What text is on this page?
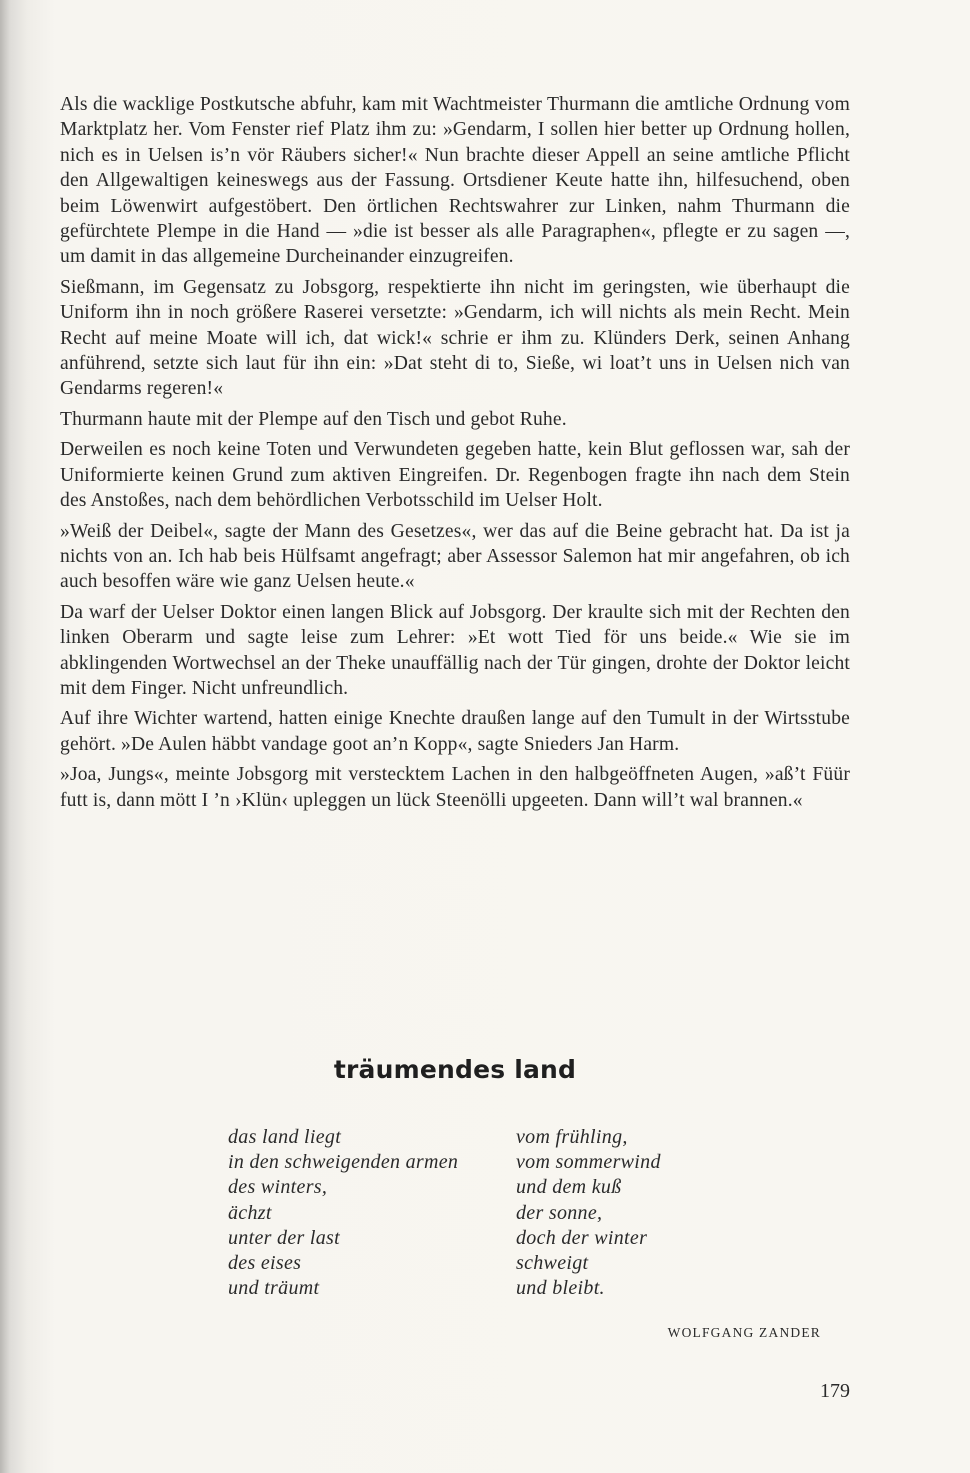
Als die wacklige Postkutsche abfuhr, kam mit Wachtmeister Thurmann die amtliche Ordnung vom Marktplatz her. Vom Fenster rief Platz ihm zu: »Gendarm, I sollen hier better up Ordnung hollen, nich es in Uelsen is’n vör Räubers sicher!« Nun brachte dieser Appell an seine amtliche Pflicht den Allgewaltigen keineswegs aus der Fassung. Ortsdiener Keute hatte ihn, hilfesuchend, oben beim Löwenwirt aufgestöbert. Den örtlichen Rechtswahrer zur Linken, nahm Thurmann die gefürchtete Plempe in die Hand — »die ist besser als alle Paragraphen«, pflegte er zu sagen —, um damit in das allgemeine Durcheinander einzugreifen.

Sießmann, im Gegensatz zu Jobsgorg, respektierte ihn nicht im geringsten, wie überhaupt die Uniform ihn in noch größere Raserei versetzte: »Gendarm, ich will nichts als mein Recht. Mein Recht auf meine Moate will ich, dat wick!« schrie er ihm zu. Klünders Derk, seinen Anhang anführend, setzte sich laut für ihn ein: »Dat steht di to, Sieße, wi loat’t uns in Uelsen nich van Gendarms regeren!«

Thurmann haute mit der Plempe auf den Tisch und gebot Ruhe.

Derweilen es noch keine Toten und Verwundeten gegeben hatte, kein Blut geflossen war, sah der Uniformierte keinen Grund zum aktiven Eingreifen. Dr. Regenbogen fragte ihn nach dem Stein des Anstoßes, nach dem behördlichen Verbotsschild im Uelser Holt.

»Weiß der Deibel«, sagte der Mann des Gesetzes«, wer das auf die Beine gebracht hat. Da ist ja nichts von an. Ich hab beis Hülfsamt angefragt; aber Assessor Salemon hat mir angefahren, ob ich auch besoffen wäre wie ganz Uelsen heute.«

Da warf der Uelser Doktor einen langen Blick auf Jobsgorg. Der kraulte sich mit der Rechten den linken Oberarm und sagte leise zum Lehrer: »Et wott Tied för uns beide.« Wie sie im abklingenden Wortwechsel an der Theke unauffällig nach der Tür gingen, drohte der Doktor leicht mit dem Finger. Nicht unfreundlich.

Auf ihre Wichter wartend, hatten einige Knechte draußen lange auf den Tumult in der Wirtsstube gehört. »De Aulen häbbt vandage goot an’n Kopp«, sagte Snieders Jan Harm.

»Joa, Jungs«, meinte Jobsgorg mit verstecktem Lachen in den halbgeöffneten Augen, »aß’t Füür futt is, dann mött I ’n ›Klün‹ upleggen un lück Steenölli upgeeten. Dann will’t wal brannen.«

träumendes land
das land liegt
in den schweigenden armen
des winters,
ächzt
unter der last
des eises
und träumt
vom frühling,
vom sommerwind
und dem kuß
der sonne,
doch der winter
schweigt
und bleibt.
WOLFGANG ZANDER
179
